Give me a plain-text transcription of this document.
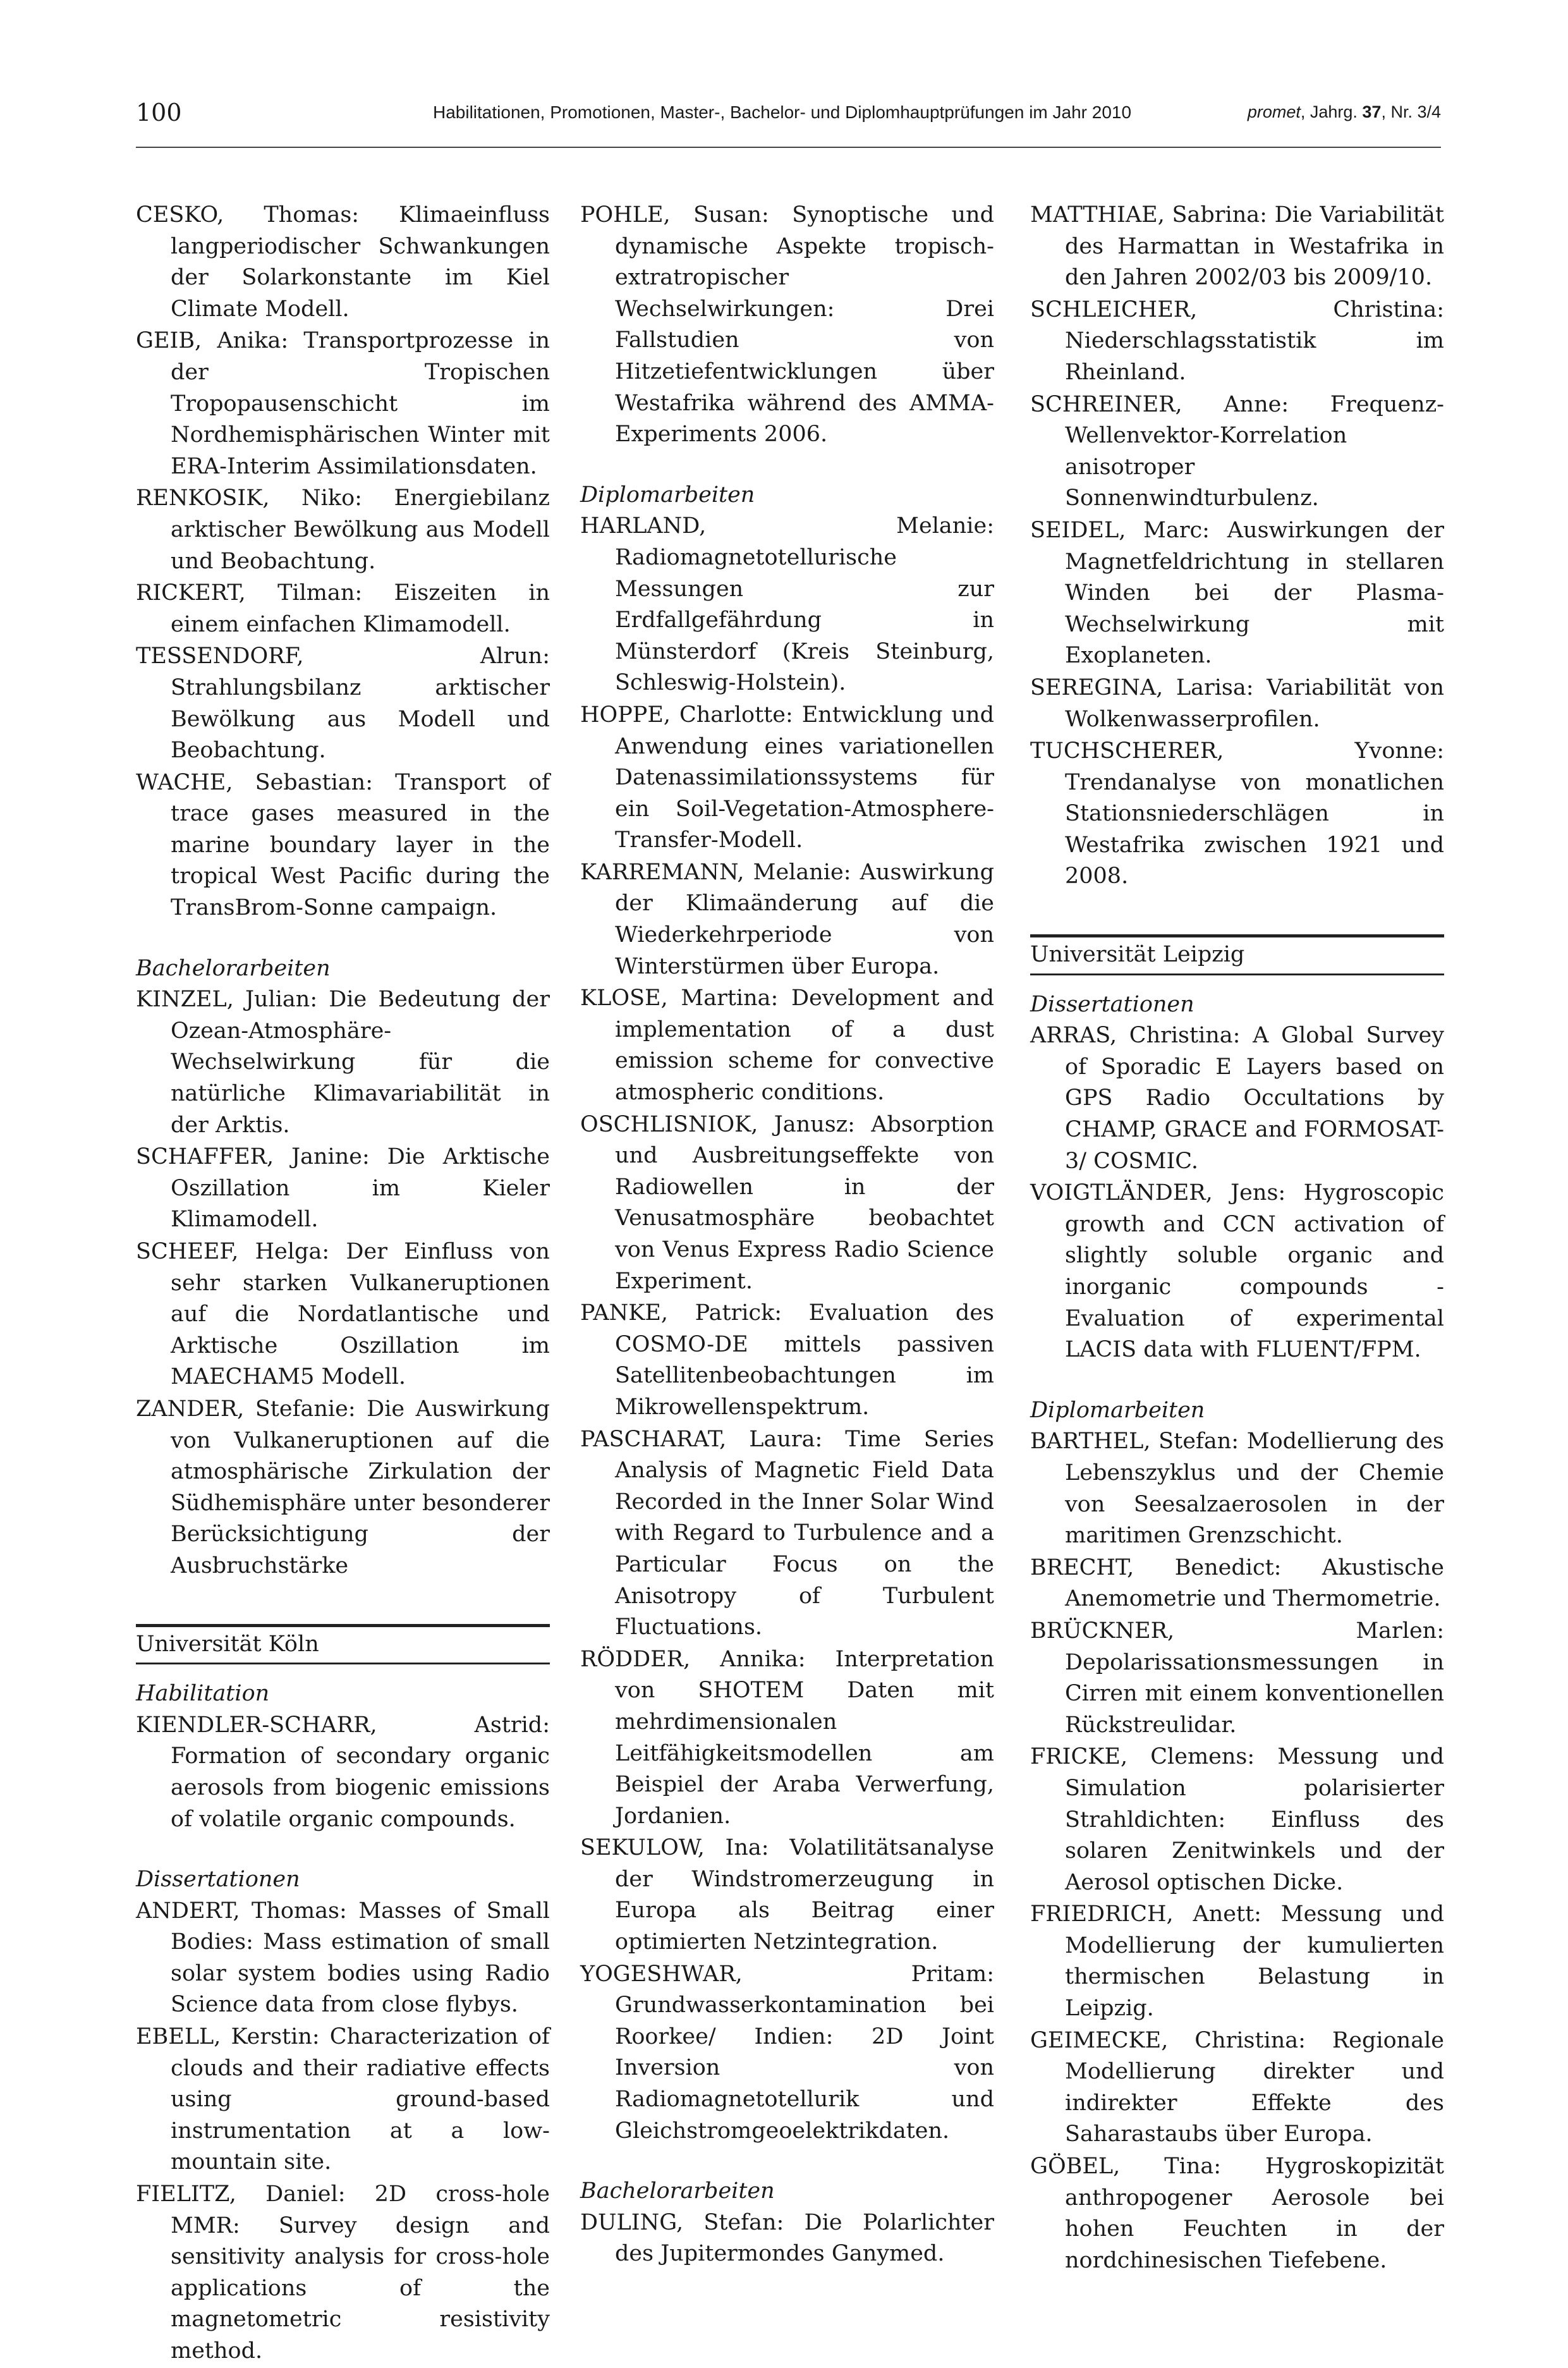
100	Habilitationen, Promotionen, Master-, Bachelor- und Diplomhauptprüfungen im Jahr 2010	promet, Jahrg. 37, Nr. 3/4

CESKO, Thomas: Klimaeinfluss langperiodischer Schwankungen der Solarkonstante im Kiel Climate Modell.

GEIB, Anika: Transportprozesse in der Tropischen Tropopausenschicht im Nordhemisphärischen Winter mit ERA-Interim Assimilationsdaten.

RENKOSIK, Niko: Energiebilanz arktischer Bewölkung aus Modell und Beobachtung.

RICKERT, Tilman: Eiszeiten in einem einfachen Klimamodell.

TESSENDORF, Alrun: Strahlungsbilanz arktischer Bewölkung aus Modell und Beobachtung.

WACHE, Sebastian: Transport of trace gases measured in the marine boundary layer in the tropical West Pacific during the TransBrom-Sonne campaign.

Bachelorarbeiten

KINZEL, Julian: Die Bedeutung der Ozean-Atmosphäre-Wechselwirkung für die natürliche Klimavariabilität in der Arktis.

SCHAFFER, Janine: Die Arktische Oszillation im Kieler Klimamodell.

SCHEEF, Helga: Der Einfluss von sehr starken Vulkaneruptionen auf die Nordatlantische und Arktische Oszillation im MAECHAM5 Modell.

ZANDER, Stefanie: Die Auswirkung von Vulkaneruptionen auf die atmosphärische Zirkulation der Südhemisphäre unter besonderer Berücksichtigung der Ausbruchstärke

Universität Köln
Habilitation

KIENDLER-SCHARR, Astrid: Formation of secondary organic aerosols from biogenic emissions of volatile organic compounds.

Dissertationen

ANDERT, Thomas: Masses of Small Bodies: Mass estimation of small solar system bodies using Radio Science data from close flybys.

EBELL, Kerstin: Characterization of clouds and their radiative effects using ground-based instrumentation at a low-mountain site.

FIELITZ, Daniel: 2D cross-hole MMR: Survey design and sensitivity analysis for cross-hole applications of the magnetometric resistivity method.

POHLE, Susan: Synoptische und dynamische Aspekte tropisch-extratropischer Wechselwirkungen: Drei Fallstudien von Hitzetiefentwicklungen über Westafrika während des AMMA-Experiments 2006.

Diplomarbeiten

HARLAND, Melanie: Radiomagnetotellurische Messungen zur Erdfallgefährdung in Münsterdorf (Kreis Steinburg, Schleswig-Holstein).

HOPPE, Charlotte: Entwicklung und Anwendung eines variationellen Datenassimilationssystems für ein Soil-Vegetation-Atmosphere-Transfer-Modell.

KARREMANN, Melanie: Auswirkung der Klimaänderung auf die Wiederkehrperiode von Winterstürmen über Europa.

KLOSE, Martina: Development and implementation of a dust emission scheme for convective atmospheric conditions.

OSCHLISNIOK, Janusz: Absorption und Ausbreitungseffekte von Radiowellen in der Venusatmosphäre beobachtet von Venus Express Radio Science Experiment.

PANKE, Patrick: Evaluation des COSMO-DE mittels passiven Satellitenbeobachtungen im Mikrowellenspektrum.

PASCHARAT, Laura: Time Series Analysis of Magnetic Field Data Recorded in the Inner Solar Wind with Regard to Turbulence and a Particular Focus on the Anisotropy of Turbulent Fluctuations.

RÖDDER, Annika: Interpretation von SHOTEM Daten mit mehrdimensionalen Leitfähigkeitsmodellen am Beispiel der Araba Verwerfung, Jordanien.

SEKULOW, Ina: Volatilitätsanalyse der Windstromerzeugung in Europa als Beitrag einer optimierten Netzintegration.

YOGESHWAR, Pritam: Grundwasserkontamination bei Roorkee/ Indien: 2D Joint Inversion von Radiomagnetotellurik und Gleichstromgeoelektrikdaten.

Bachelorarbeiten

DULING, Stefan: Die Polarlichter des Jupitermondes Ganymed.

MATTHIAE, Sabrina: Die Variabilität des Harmattan in Westafrika in den Jahren 2002/03 bis 2009/10.

SCHLEICHER, Christina: Niederschlagsstatistik im Rheinland.

SCHREINER, Anne: Frequenz-Wellenvektor-Korrelation anisotroper Sonnenwindturbulenz.

SEIDEL, Marc: Auswirkungen der Magnetfeldrichtung in stellaren Winden bei der Plasma- Wechselwirkung mit Exoplaneten.

SEREGINA, Larisa: Variabilität von Wolkenwasserprofilen.

TUCHSCHERER, Yvonne: Trendanalyse von monatlichen Stationsniederschlägen in Westafrika zwischen 1921 und 2008.

Universität Leipzig
Dissertationen

ARRAS, Christina: A Global Survey of Sporadic E Layers based on GPS Radio Occultations by CHAMP, GRACE and FORMOSAT-3/ COSMIC.

VOIGTLÄNDER, Jens: Hygroscopic growth and CCN activation of slightly soluble organic and inorganic compounds - Evaluation of experimental LACIS data with FLUENT/FPM.

Diplomarbeiten

BARTHEL, Stefan: Modellierung des Lebenszyklus und der Chemie von Seesalzaerosolen in der maritimen Grenzschicht.

BRECHT, Benedict: Akustische Anemometrie und Thermometrie.

BRÜCKNER, Marlen: Depolarissationsmessungen in Cirren mit einem konventionellen Rückstreulidar.

FRICKE, Clemens: Messung und Simulation polarisierter Strahldichten: Einfluss des solaren Zenitwinkels und der Aerosol optischen Dicke.

FRIEDRICH, Anett: Messung und Modellierung der kumulierten thermischen Belastung in Leipzig.

GEIMECKE, Christina: Regionale Modellierung direkter und indirekter Effekte des Saharastaubs über Europa.

GÖBEL, Tina: Hygroskopizität anthropogener Aerosole bei hohen Feuchten in der nordchinesischen Tiefebene.
